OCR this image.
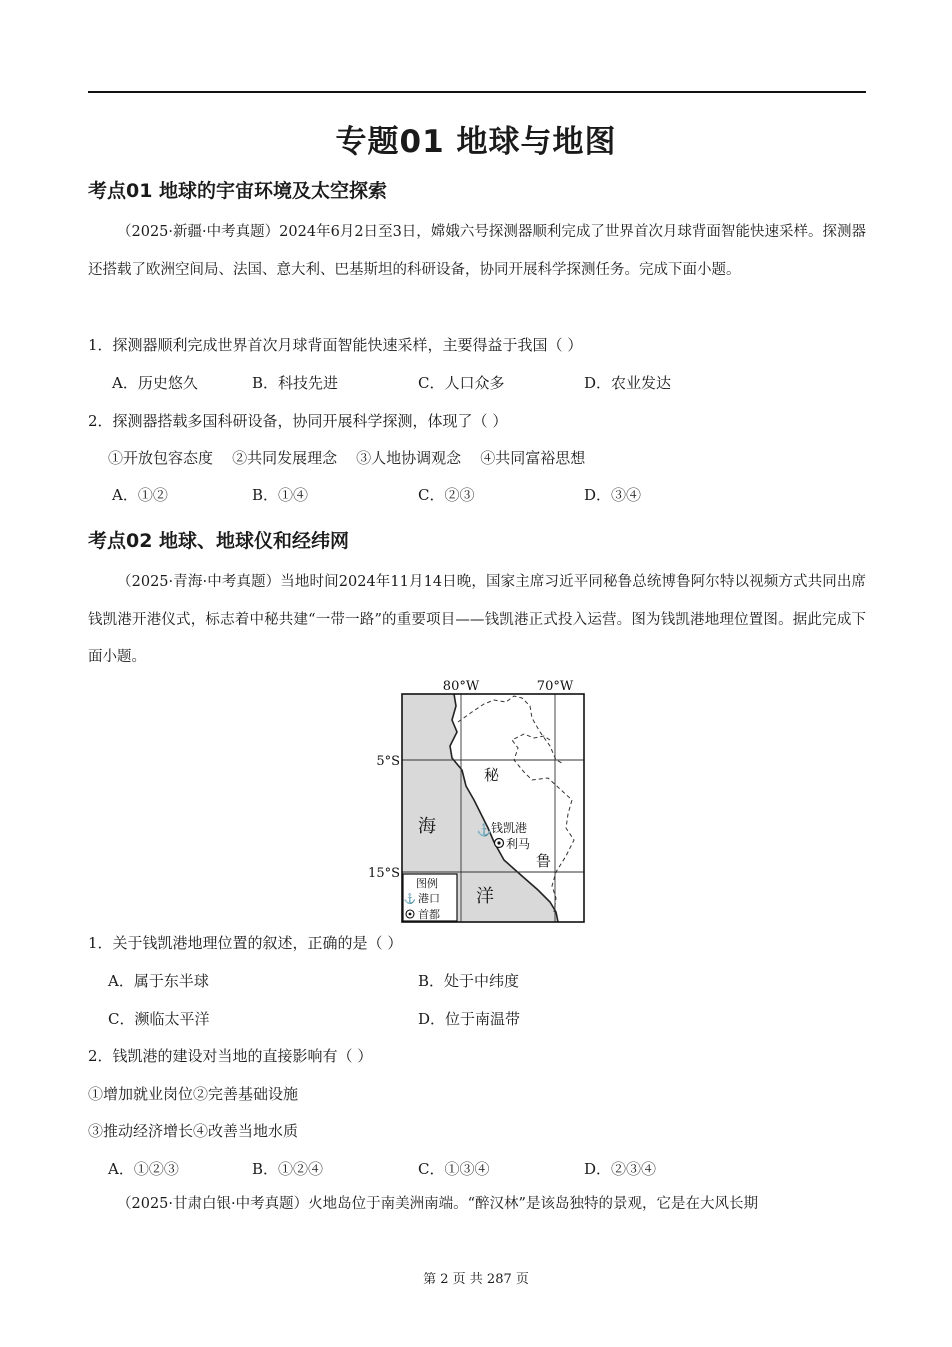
专题01 地球与地图
考点01 地球的宇宙环境及太空探索
（2025·新疆·中考真题）2024年6月2日至3日，嫦娥六号探测器顺利完成了世界首次月球背面智能快速采样。探测器还搭载了欧洲空间局、法国、意大利、巴基斯坦的科研设备，协同开展科学探测任务。完成下面小题。
1．探测器顺利完成世界首次月球背面智能快速采样，主要得益于我国（ ）
A．历史悠久	B．科技先进	C．人口众多	D．农业发达
2．探测器搭载多国科研设备，协同开展科学探测，体现了（ ）
①开放包容态度    ②共同发展理念    ③人地协调观念    ④共同富裕思想
A．①②	B．①④	C．②③	D．③④
考点02 地球、地球仪和经纬网
（2025·青海·中考真题）当地时间2024年11月14日晚，国家主席习近平同秘鲁总统博鲁阿尔特以视频方式共同出席钱凯港开港仪式，标志着中秘共建“一带一路”的重要项目——钱凯港正式投入运营。图为钱凯港地理位置图。据此完成下面小题。
80°W	70°W
5°S
15°S
海
洋
秘
鲁
⚓ 钱凯港
利马
图例
⚓ 港口
首都
1．关于钱凯港地理位置的叙述，正确的是（ ）
A．属于东半球	B．处于中纬度
C．濒临太平洋	D．位于南温带
2．钱凯港的建设对当地的直接影响有（ ）
①增加就业岗位②完善基础设施
③推动经济增长④改善当地水质
A．①②③	B．①②④	C．①③④	D．②③④
（2025·甘肃白银·中考真题）火地岛位于南美洲南端。“醉汉林”是该岛独特的景观，它是在大风长期
第 2 页 共 287 页
